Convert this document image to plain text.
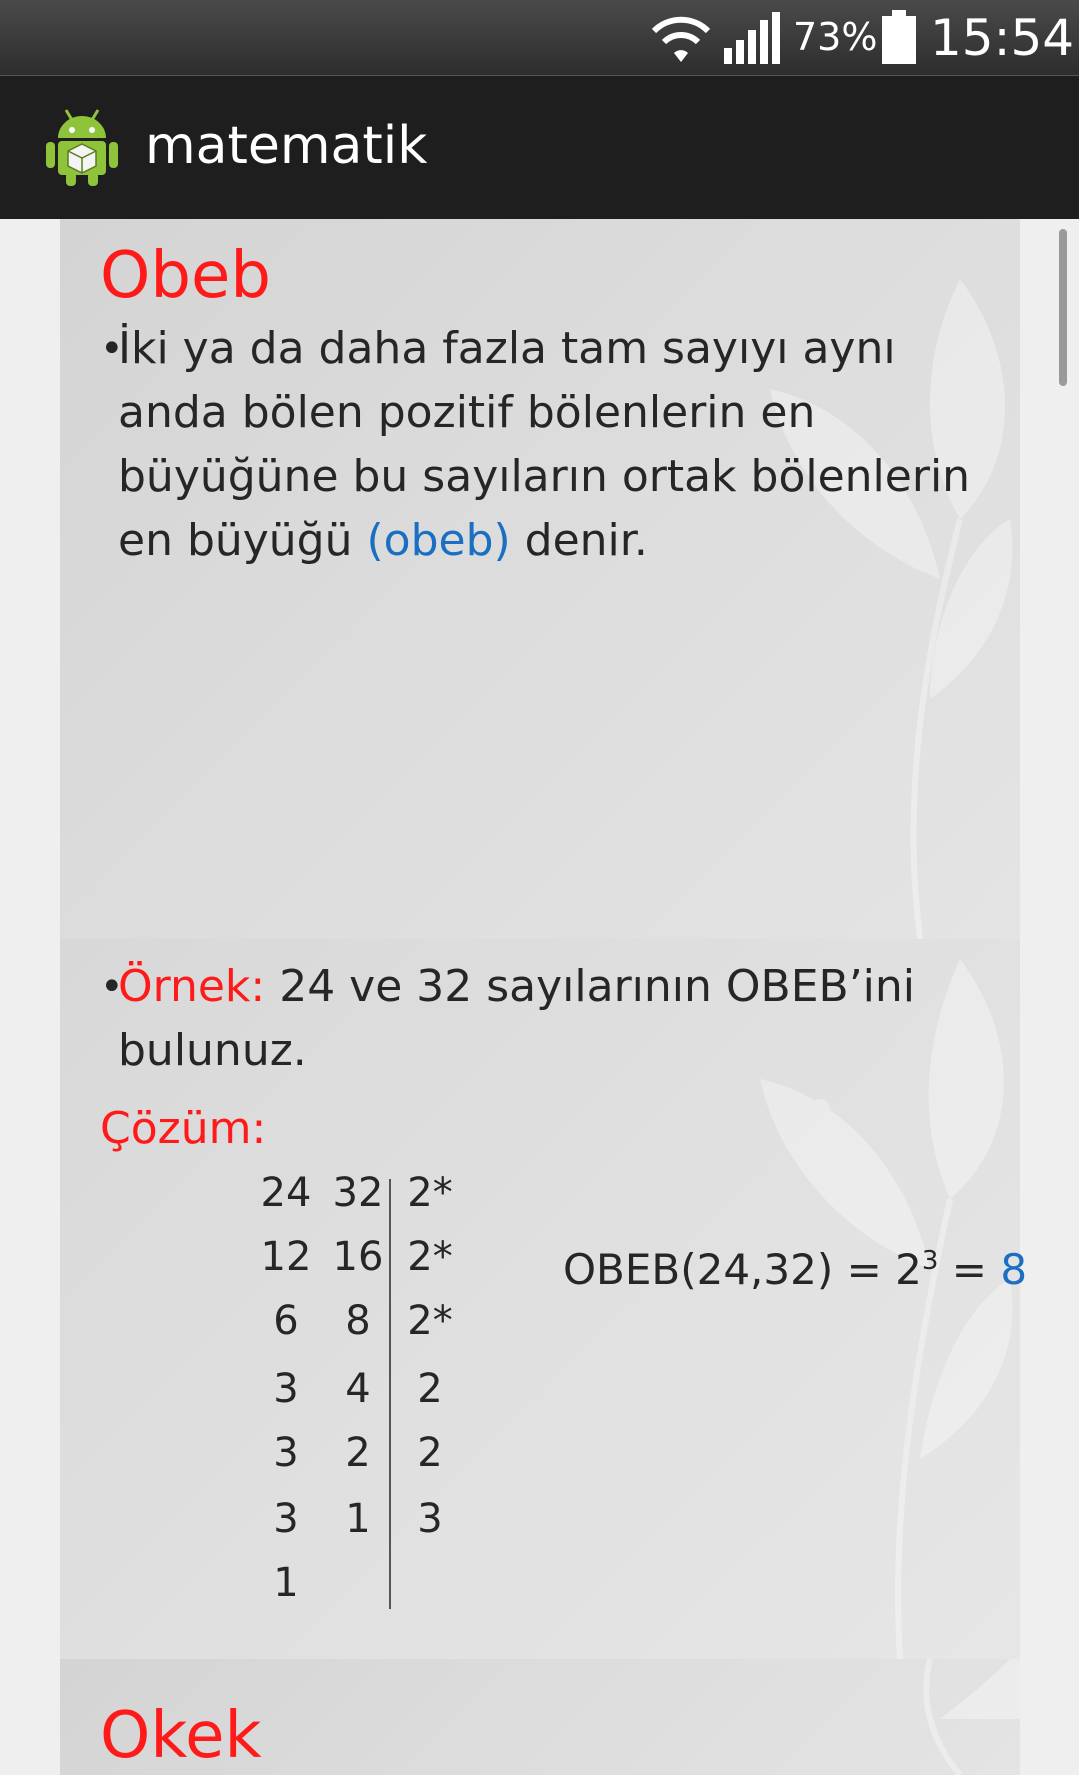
73% 15:54
matematik
Obeb
•
İki ya da daha fazla tam sayıyı aynı anda bölen pozitif bölenlerin en büyüğüne bu sayıların ortak bölenlerin en büyüğü (obeb) denir.
•
Örnek: 24 ve 32 sayılarının OBEB’ini bulunuz.
Çözüm:
24 32 2*
12 16 2*
6	8 2*
3	4	2
3	2	2
3	1	3
1
OBEB(24,32) = $2^3 = 8$
Okek
